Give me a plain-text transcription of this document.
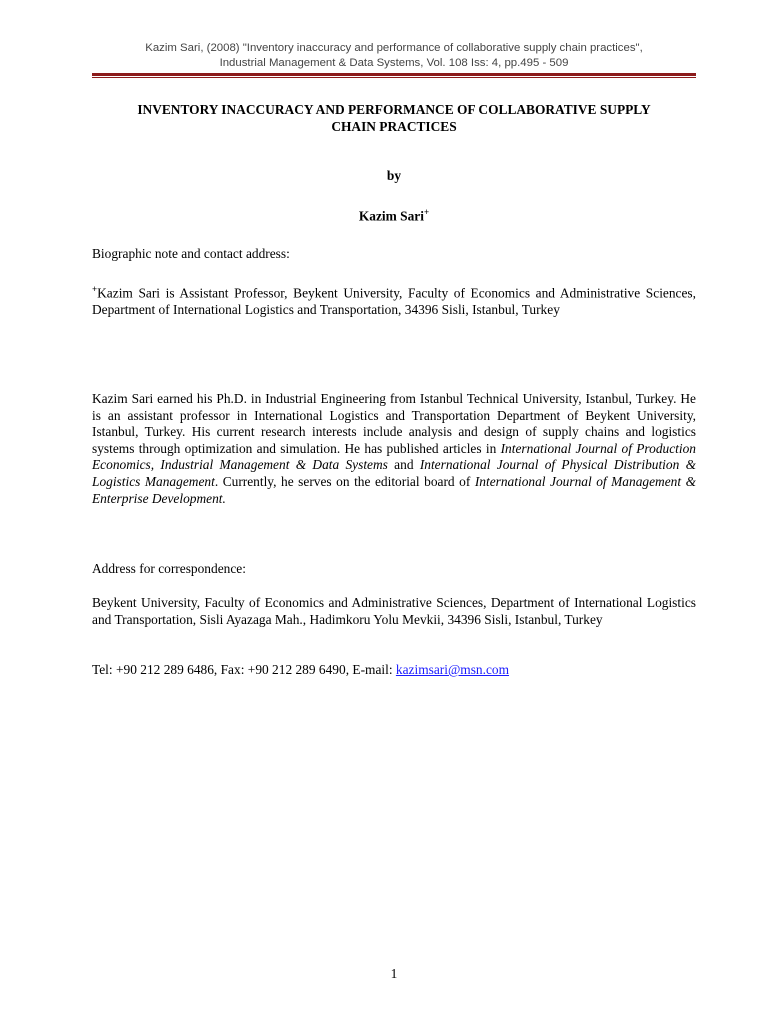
Kazim Sari, (2008) "Inventory inaccuracy and performance of collaborative supply chain practices",
Industrial Management & Data Systems, Vol. 108 Iss: 4, pp.495 - 509
INVENTORY INACCURACY AND PERFORMANCE OF COLLABORATIVE SUPPLY
CHAIN PRACTICES
by
Kazim Sari+

Biographic note and contact address:

+Kazim Sari is Assistant Professor, Beykent University, Faculty of Economics and Administrative Sciences, Department of International Logistics and Transportation, 34396 Sisli, Istanbul, Turkey

Kazim Sari earned his Ph.D. in Industrial Engineering from Istanbul Technical University, Istanbul, Turkey. He is an assistant professor in International Logistics and Transportation Department of Beykent University, Istanbul, Turkey. His current research interests include analysis and design of supply chains and logistics systems through optimization and simulation. He has published articles in International Journal of Production Economics, Industrial Management & Data Systems and International Journal of Physical Distribution & Logistics Management. Currently, he serves on the editorial board of International Journal of Management & Enterprise Development.

Address for correspondence:

Beykent University, Faculty of Economics and Administrative Sciences, Department of International Logistics and Transportation, Sisli Ayazaga Mah., Hadimkoru Yolu Mevkii, 34396 Sisli, Istanbul, Turkey

Tel: +90 212 289 6486, Fax: +90 212 289 6490, E-mail: kazimsari@msn.com

1
